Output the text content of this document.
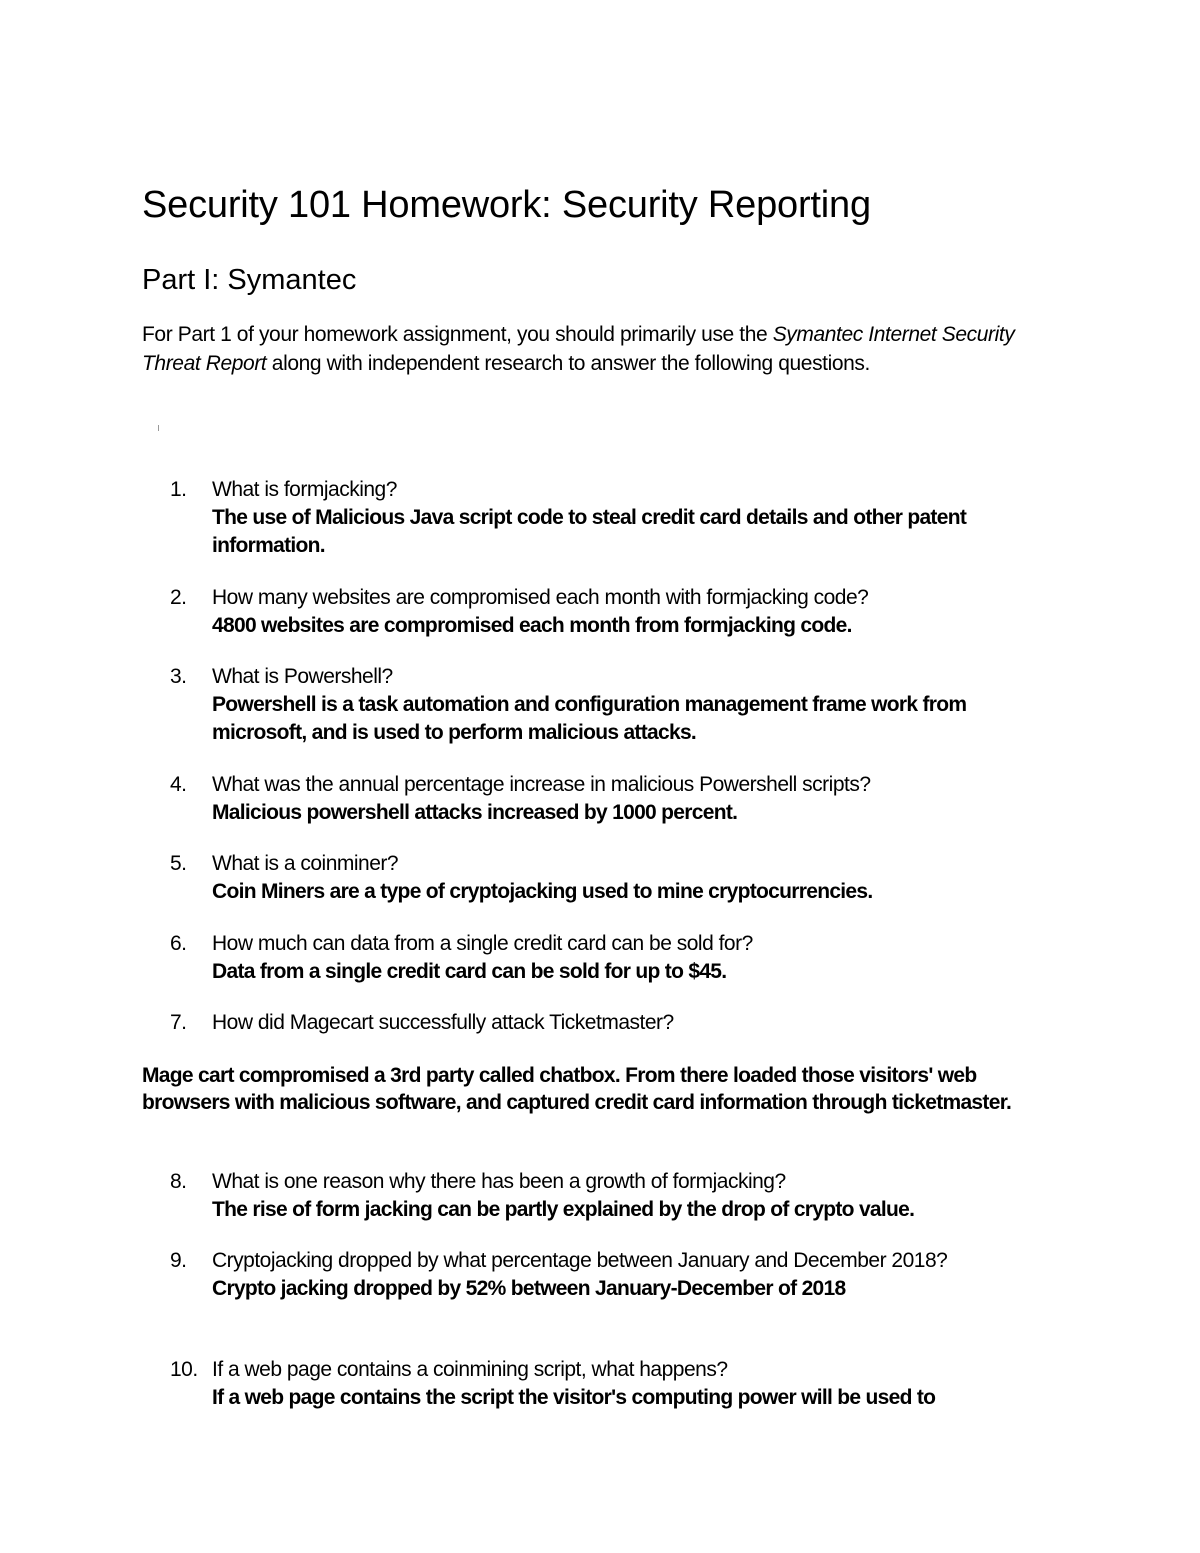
Security 101 Homework: Security Reporting
Part I: Symantec

For Part 1 of your homework assignment, you should primarily use the Symantec Internet Security Threat Report along with independent research to answer the following questions.

1.	What is formjacking?
The use of Malicious Java script code to steal credit card details and other patent information.
2.	How many websites are compromised each month with formjacking code?
4800 websites are compromised each month from formjacking code.
3.	What is Powershell?
Powershell is a task automation and configuration management frame work from microsoft, and is used to perform malicious attacks.
4.	What was the annual percentage increase in malicious Powershell scripts?
Malicious powershell attacks increased by 1000 percent.
5.	What is a coinminer?
Coin Miners are a type of cryptojacking used to mine cryptocurrencies.
6.	How much can data from a single credit card can be sold for?
Data from a single credit card can be sold for up to $45.
7.	How did Magecart successfully attack Ticketmaster?
Mage cart compromised a 3rd party called chatbox. From there loaded those visitors' web browsers with malicious software, and captured credit card information through ticketmaster.
8.	What is one reason why there has been a growth of formjacking?
The rise of form jacking can be partly explained by the drop of crypto value.
9.	Cryptojacking dropped by what percentage between January and December 2018?
Crypto jacking dropped by 52% between January-December of 2018
10. If a web page contains a coinmining script, what happens?
If a web page contains the script the visitor's computing power will be used to
